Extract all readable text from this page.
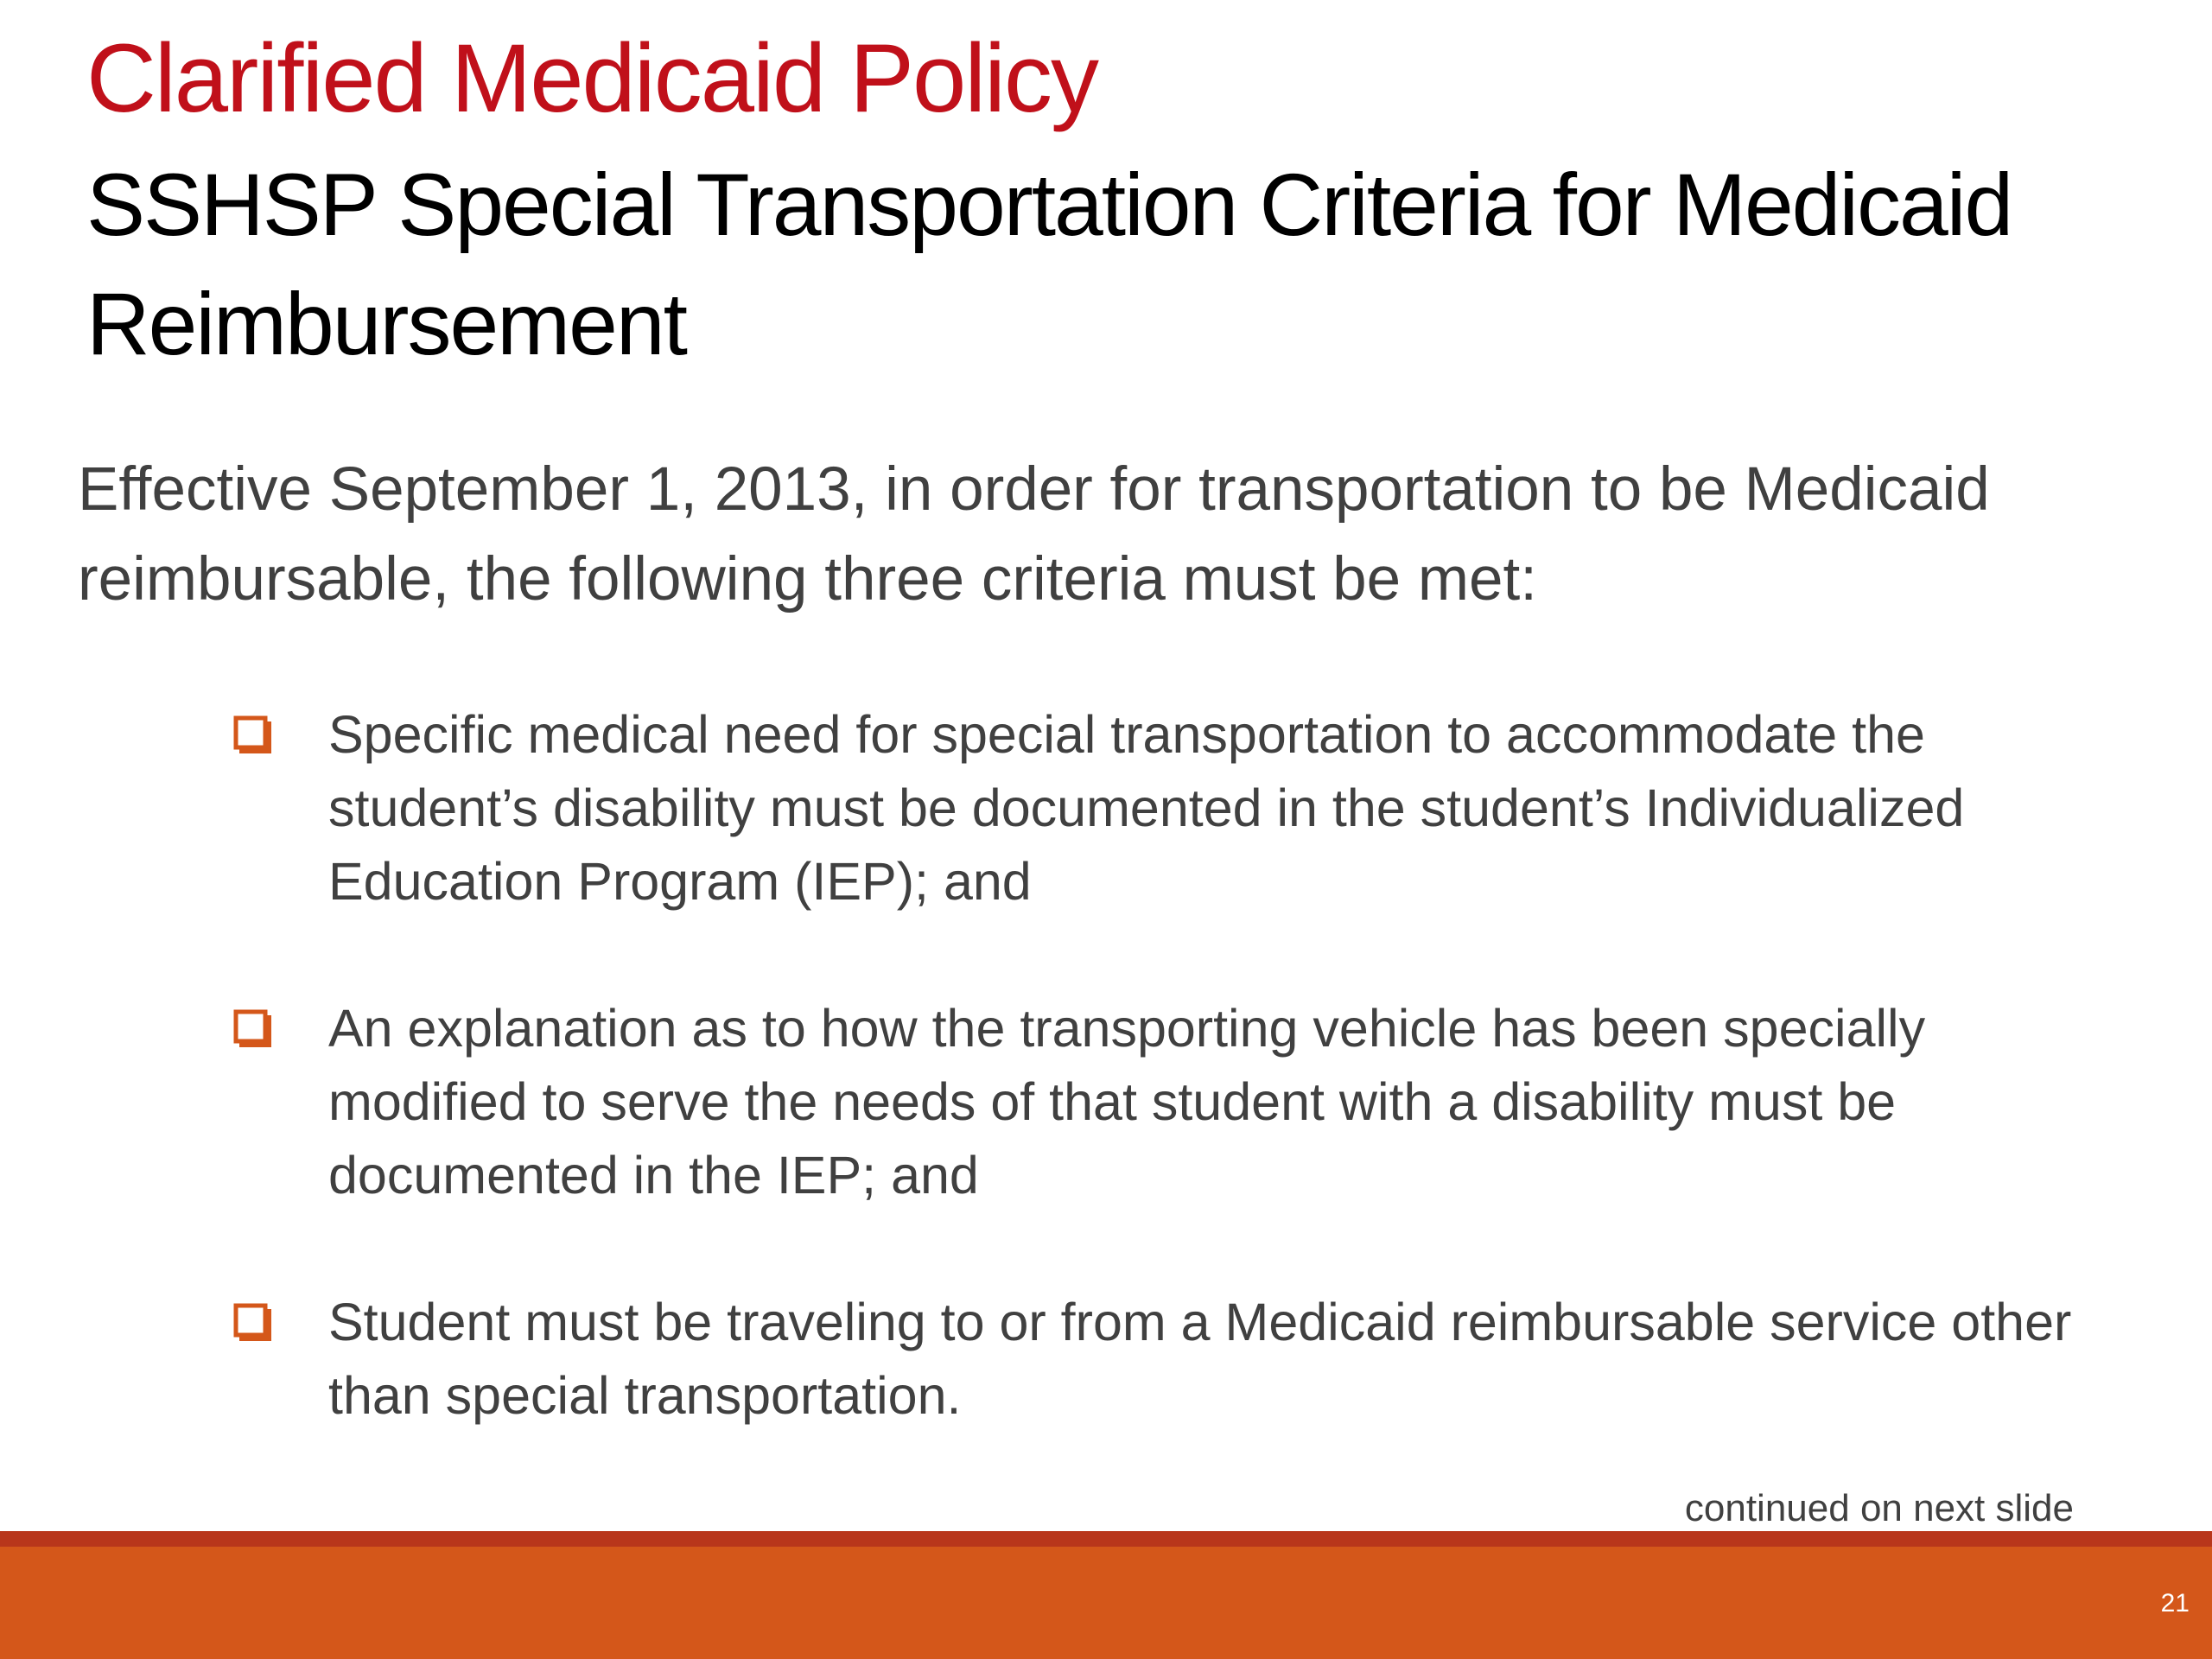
Clarified Medicaid Policy
SSHSP Special Transportation Criteria for Medicaid Reimbursement

Effective September 1, 2013, in order for transportation to be Medicaid reimbursable, the following three criteria must be met:

Specific medical need for special transportation to accommodate the student’s disability must be documented in the student’s Individualized Education Program (IEP); and
An explanation as to how the transporting vehicle has been specially modified to serve the needs of that student with a disability must be documented in the IEP; and
Student must be traveling to or from a Medicaid reimbursable service other than special transportation.
continued on next slide
21
